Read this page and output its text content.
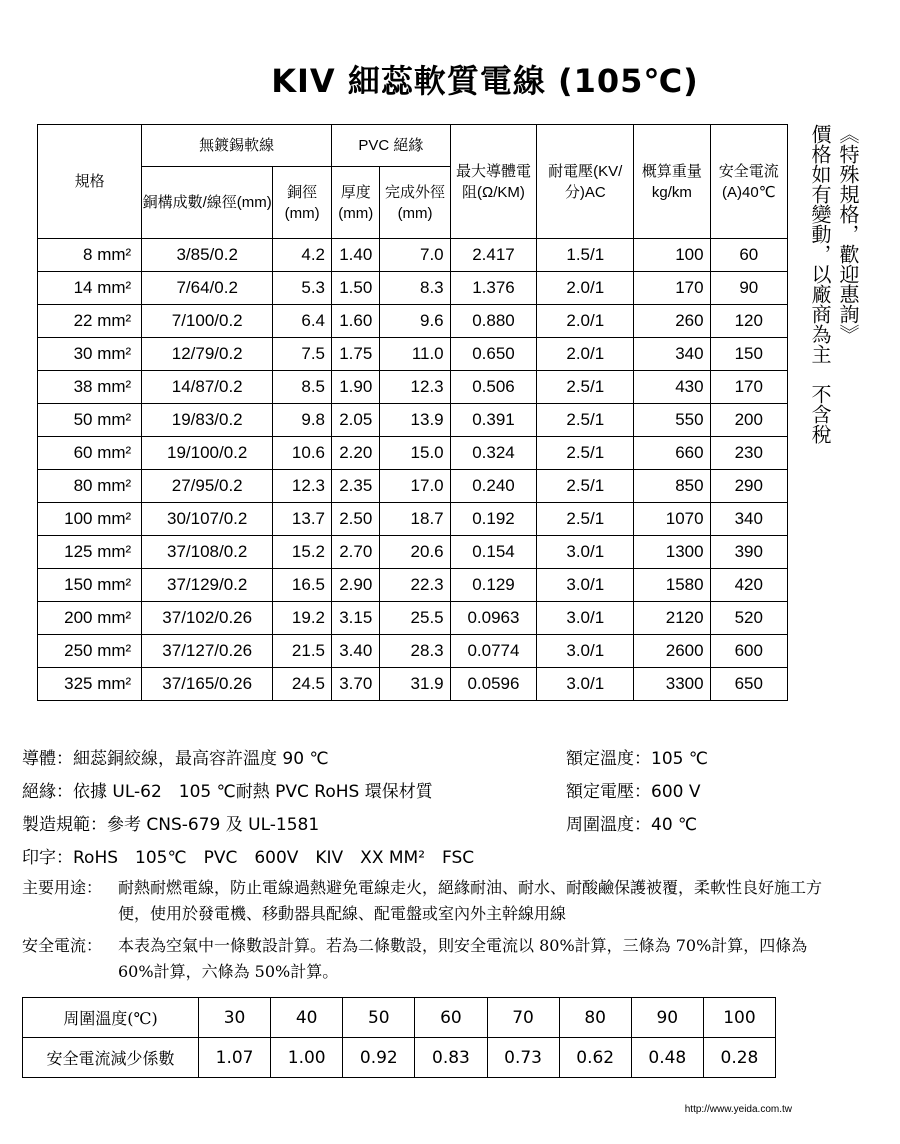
KIV 細蕊軟質電線 (105℃)
規格	無鍍錫軟線		PVC 絕緣		最大導體電阻(Ω/KM)	耐電壓(KV/分)AC	概算重量kg/km	安全電流(A)40℃
	銅構成數/線徑(mm)	銅徑(mm)	厚度(mm)	完成外徑(mm)				
8 mm²	3/85/0.2	4.2	1.40	7.0	2.417	1.5/1	100	60
14 mm²	7/64/0.2	5.3	1.50	8.3	1.376	2.0/1	170	90
22 mm²	7/100/0.2	6.4	1.60	9.6	0.880	2.0/1	260	120
30 mm²	12/79/0.2	7.5	1.75	11.0	0.650	2.0/1	340	150
38 mm²	14/87/0.2	8.5	1.90	12.3	0.506	2.5/1	430	170
50 mm²	19/83/0.2	9.8	2.05	13.9	0.391	2.5/1	550	200
60 mm²	19/100/0.2	10.6	2.20	15.0	0.324	2.5/1	660	230
80 mm²	27/95/0.2	12.3	2.35	17.0	0.240	2.5/1	850	290
100 mm²	30/107/0.2	13.7	2.50	18.7	0.192	2.5/1	1070	340
125 mm²	37/108/0.2	15.2	2.70	20.6	0.154	3.0/1	1300	390
150 mm²	37/129/0.2	16.5	2.90	22.3	0.129	3.0/1	1580	420
200 mm²	37/102/0.26	19.2	3.15	25.5	0.0963	3.0/1	2120	520
250 mm²	37/127/0.26	21.5	3.40	28.3	0.0774	3.0/1	2600	600
325 mm²	37/165/0.26	24.5	3.70	31.9	0.0596	3.0/1	3300	650
《特殊規格，歡迎惠詢》
價格如有變動，以廠商為主　不含稅
導體：細蕊銅絞線，最高容許溫度 90 ℃
絕緣：依據 UL-62　105 ℃耐熱 PVC RoHS 環保材質
製造規範：參考 CNS-679 及 UL-1581
印字：RoHS　105℃　PVC　600V　KIV　XX MM²　FSC
額定溫度：105 ℃
額定電壓：600 V
周圍溫度：40 ℃
主要用途： 耐熱耐燃電線，防止電線過熱避免電線走火，絕緣耐油、耐水、耐酸鹼保護被覆，柔軟性良好施工方便，使用於發電機、移動器具配線、配電盤或室內外主幹線用線
安全電流： 本表為空氣中一條數設計算。若為二條數設，則安全電流以 80%計算，三條為 70%計算，四條為 60%計算，六條為 50%計算。
周圍溫度(℃)	30	40	50	60	70	80	90	100
安全電流減少係數	1.07	1.00	0.92	0.83	0.73	0.62	0.48	0.28
http://www.yeida.com.tw
